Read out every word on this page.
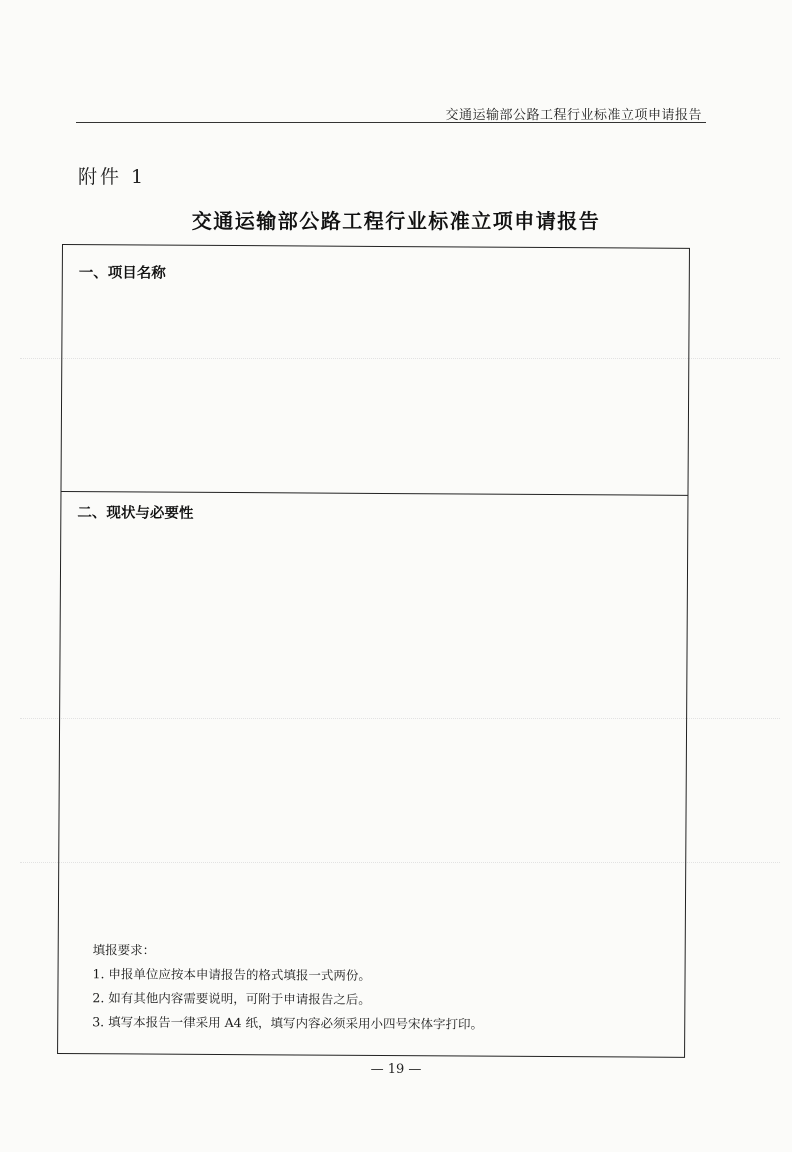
交通运输部公路工程行业标准立项申请报告
附件 1
交通运输部公路工程行业标准立项申请报告
一、项目名称
二、现状与必要性
填报要求：
1. 申报单位应按本申请报告的格式填报一式两份。
2. 如有其他内容需要说明，可附于申请报告之后。
3. 填写本报告一律采用 A4 纸，填写内容必须采用小四号宋体字打印。
— 19 —
